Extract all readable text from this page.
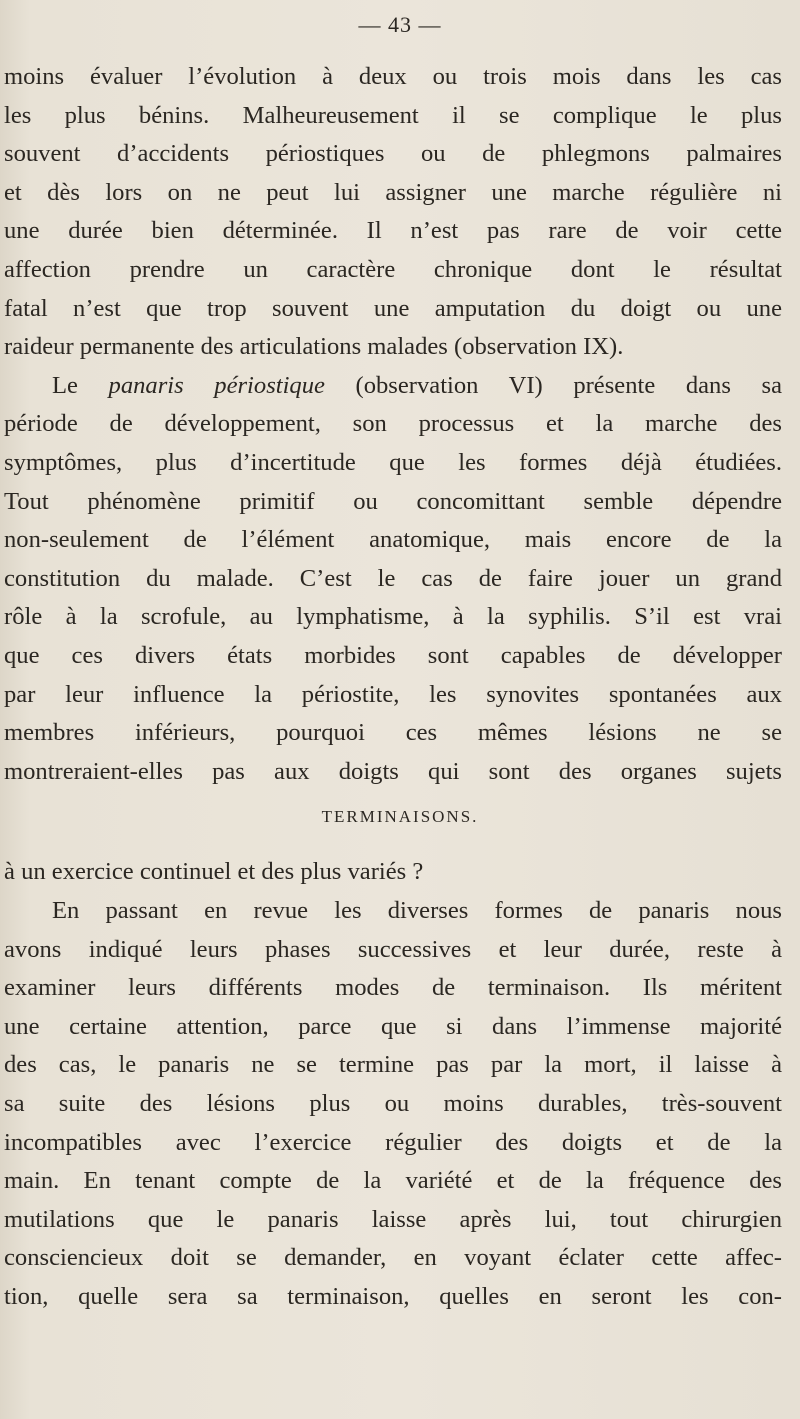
— 43 —
moins évaluer l’évolution à deux ou trois mois dans les cas
les plus bénins. Malheureusement il se complique le plus
souvent d’accidents périostiques ou de phlegmons palmaires
et dès lors on ne peut lui assigner une marche régulière ni
une durée bien déterminée. Il n’est pas rare de voir cette
affection prendre un caractère chronique dont le résultat
fatal n’est que trop souvent une amputation du doigt ou une
raideur permanente des articulations malades (observation IX).
Le panaris périostique (observation VI) présente dans sa
période de développement, son processus et la marche des
symptômes, plus d’incertitude que les formes déjà étudiées.
Tout phénomène primitif ou concomittant semble dépendre
non-seulement de l’élément anatomique, mais encore de la
constitution du malade. C’est le cas de faire jouer un grand
rôle à la scrofule, au lymphatisme, à la syphilis. S’il est vrai
que ces divers états morbides sont capables de développer
par leur influence la périostite, les synovites spontanées aux
membres inférieurs, pourquoi ces mêmes lésions ne se
montreraient-elles pas aux doigts qui sont des organes sujets
à un exercice continuel et des plus variés ?
TERMINAISONS.
En passant en revue les diverses formes de panaris nous
avons indiqué leurs phases successives et leur durée, reste à
examiner leurs différents modes de terminaison. Ils méritent
une certaine attention, parce que si dans l’immense majorité
des cas, le panaris ne se termine pas par la mort, il laisse à
sa suite des lésions plus ou moins durables, très-souvent
incompatibles avec l’exercice régulier des doigts et de la
main. En tenant compte de la variété et de la fréquence des
mutilations que le panaris laisse après lui, tout chirurgien
consciencieux doit se demander, en voyant éclater cette affec-
tion, quelle sera sa terminaison, quelles en seront les con-
